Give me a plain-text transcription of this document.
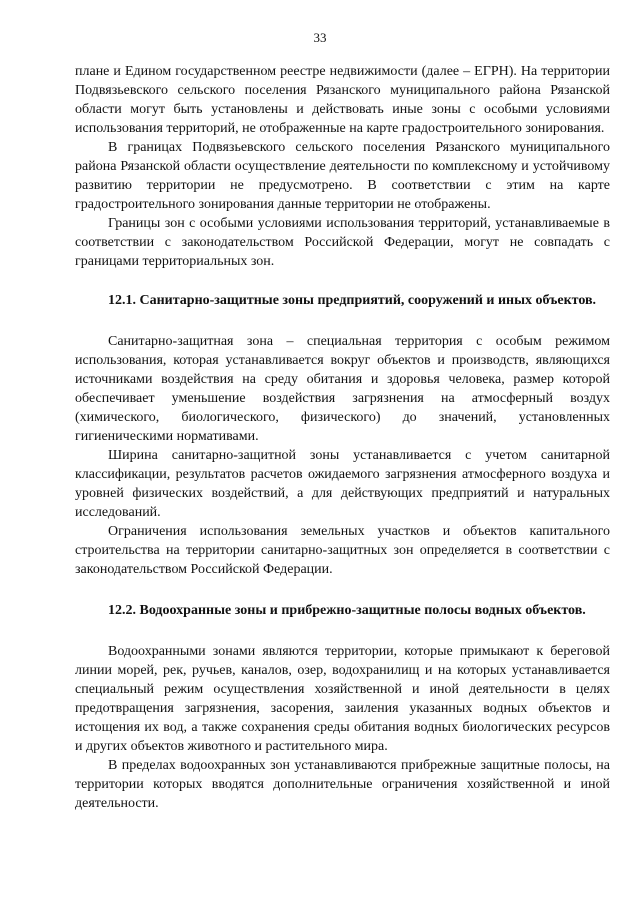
33

плане и Едином государственном реестре недвижимости (далее – ЕГРН). На территории Подвязьевского сельского поселения Рязанского муниципального района Рязанской области могут быть установлены и действовать иные зоны с особыми условиями использования территорий, не отображенные на карте градостроительного зонирования.

В границах Подвязьевского сельского поселения Рязанского муниципального района Рязанской области осуществление деятельности по комплексному и устойчивому развитию территории не предусмотрено. В соответствии с этим на карте градостроительного зонирования данные территории не отображены.

Границы зон с особыми условиями использования территорий, устанавливаемые в соответствии с законодательством Российской Федерации, могут не совпадать с границами территориальных зон.

12.1. Санитарно-защитные зоны предприятий, сооружений и иных объектов.

Санитарно-защитная зона – специальная территория с особым режимом использования, которая устанавливается вокруг объектов и производств, являющихся источниками воздействия на среду обитания и здоровья человека, размер которой обеспечивает уменьшение воздействия загрязнения на атмосферный воздух (химического, биологического, физического) до значений, установленных гигиеническими нормативами.

Ширина санитарно-защитной зоны устанавливается с учетом санитарной классификации, результатов расчетов ожидаемого загрязнения атмосферного воздуха и уровней физических воздействий, а для действующих предприятий и натуральных исследований.

Ограничения использования земельных участков и объектов капитального строительства на территории санитарно-защитных зон определяется в соответствии с законодательством Российской Федерации.

12.2. Водоохранные зоны и прибрежно-защитные полосы водных объектов.

Водоохранными зонами являются территории, которые примыкают к береговой линии морей, рек, ручьев, каналов, озер, водохранилищ и на которых устанавливается специальный режим осуществления хозяйственной и иной деятельности в целях предотвращения загрязнения, засорения, заиления указанных водных объектов и истощения их вод, а также сохранения среды обитания водных биологических ресурсов и других объектов животного и растительного мира.

В пределах водоохранных зон устанавливаются прибрежные защитные полосы, на территории которых вводятся дополнительные ограничения хозяйственной и иной деятельности.
